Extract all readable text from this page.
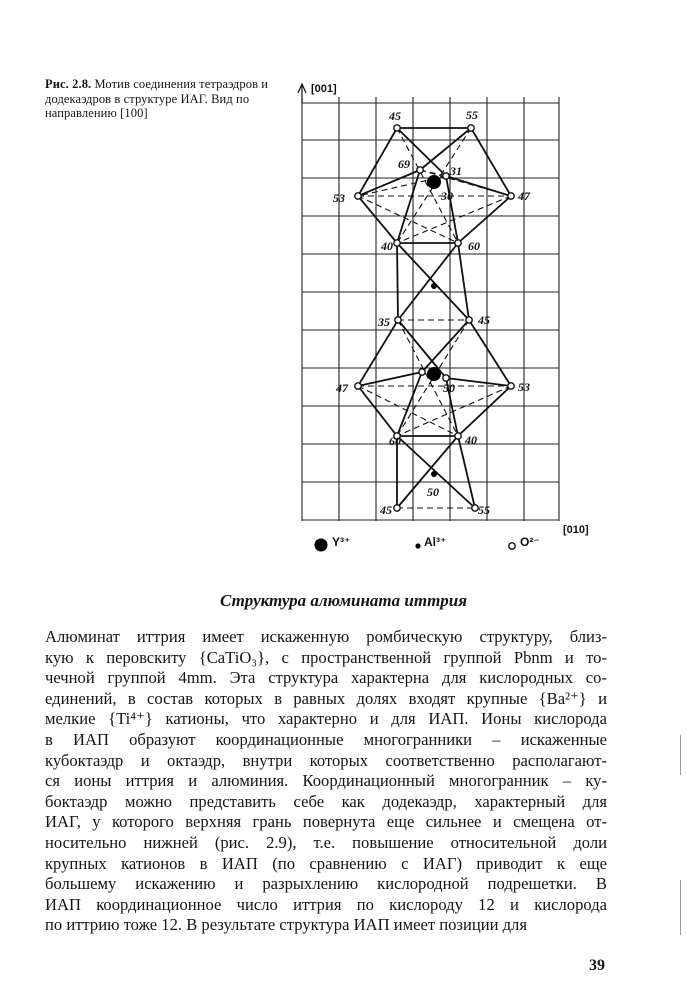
Рис. 2.8. Мотив соединения тетраэдров и додекаэдров в структуре ИАГ. Вид по направлению [100]	45	55
69	31
30
53	47
40	60
35	45
47	50	53
60	40
50
45	55
[001]
[010]
Y³⁺	Al³⁺	O²⁻
Структура алюмината иттрия
Алюминат иттрия имеет искаженную ромбическую структуру, близ-
кую к перовскиту {CaTiO₃}, с пространственной группой Pbnm и то-
чечной группой 4mm. Эта структура характерна для кислородных со-
единений, в состав которых в равных долях входят крупные {Ba²⁺} и
мелкие {Ti⁴⁺} катионы, что характерно и для ИАП. Ионы кислорода
в ИАП образуют координационные многогранники – искаженные
кубоктаэдр и октаэдр, внутри которых соответственно располагают-
ся ионы иттрия и алюминия. Координационный многогранник – ку-
боктаэдр можно представить себе как додекаэдр, характерный для
ИАГ, у которого верхняя грань повернута еще сильнее и смещена от-
носительно нижней (рис. 2.9), т.е. повышение относительной доли
крупных катионов в ИАП (по сравнению с ИАГ) приводит к еще
большему искажению и разрыхлению кислородной подрешетки. В
ИАП координационное число иттрия по кислороду 12 и кислорода
по иттрию тоже 12. В результате структура ИАП имеет позиции для
39
